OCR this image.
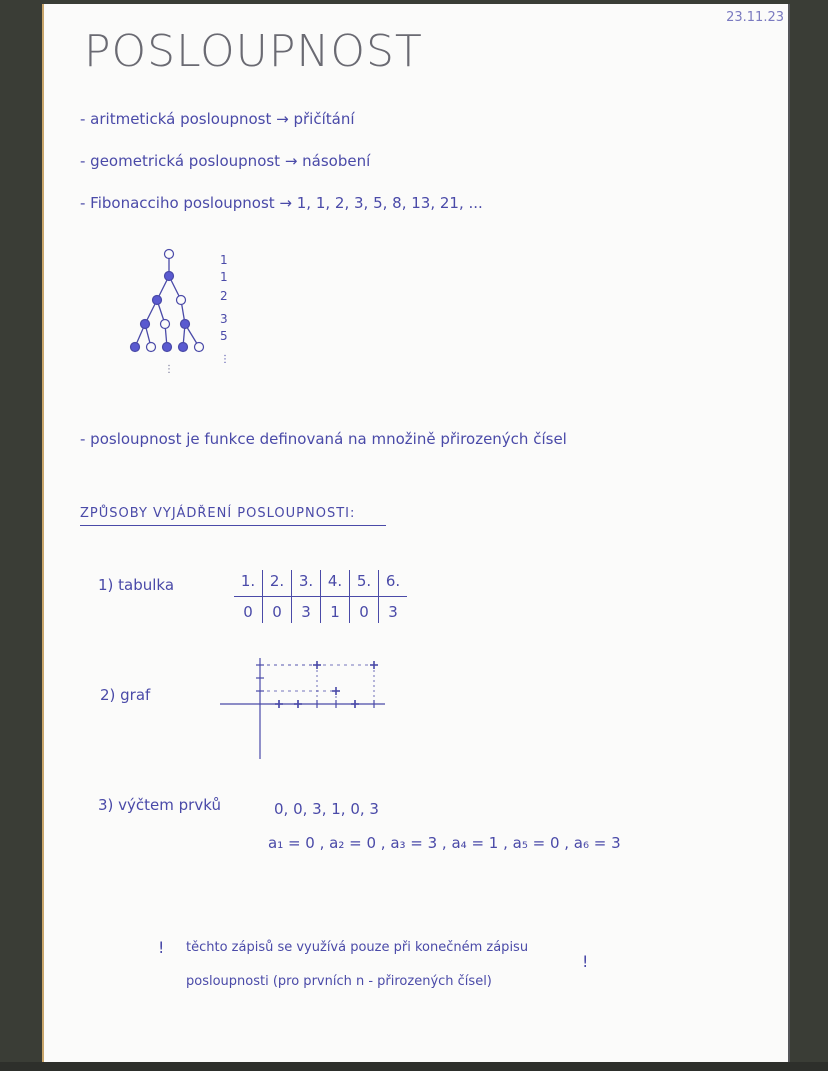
POSLOUPNOST
23.11.23
- aritmetická posloupnost → přičítání
- geometrická posloupnost → násobení
- Fibonacciho posloupnost → 1, 1, 2, 3, 5, 8, 13, 21, ...
⋮
1
1
2
3
5
⋮
- posloupnost je funkce definovaná na množině přirozených čísel
ZPŮSOBY VYJÁDŘENÍ POSLOUPNOSTI:
1) tabulka	1.	2.	3.	4.	5.	6.
0	0	3	1	0	3
2) graf
3) výčtem prvků	0, 0, 3, 1, 0, 3
a₁ = 0 , a₂ = 0 , a₃ = 3 , a₄ = 1 , a₅ = 0 , a₆ = 3
! těchto zápisů se využívá pouze při konečném zápisu
posloupnosti (pro prvních n - přirozených čísel)
!
